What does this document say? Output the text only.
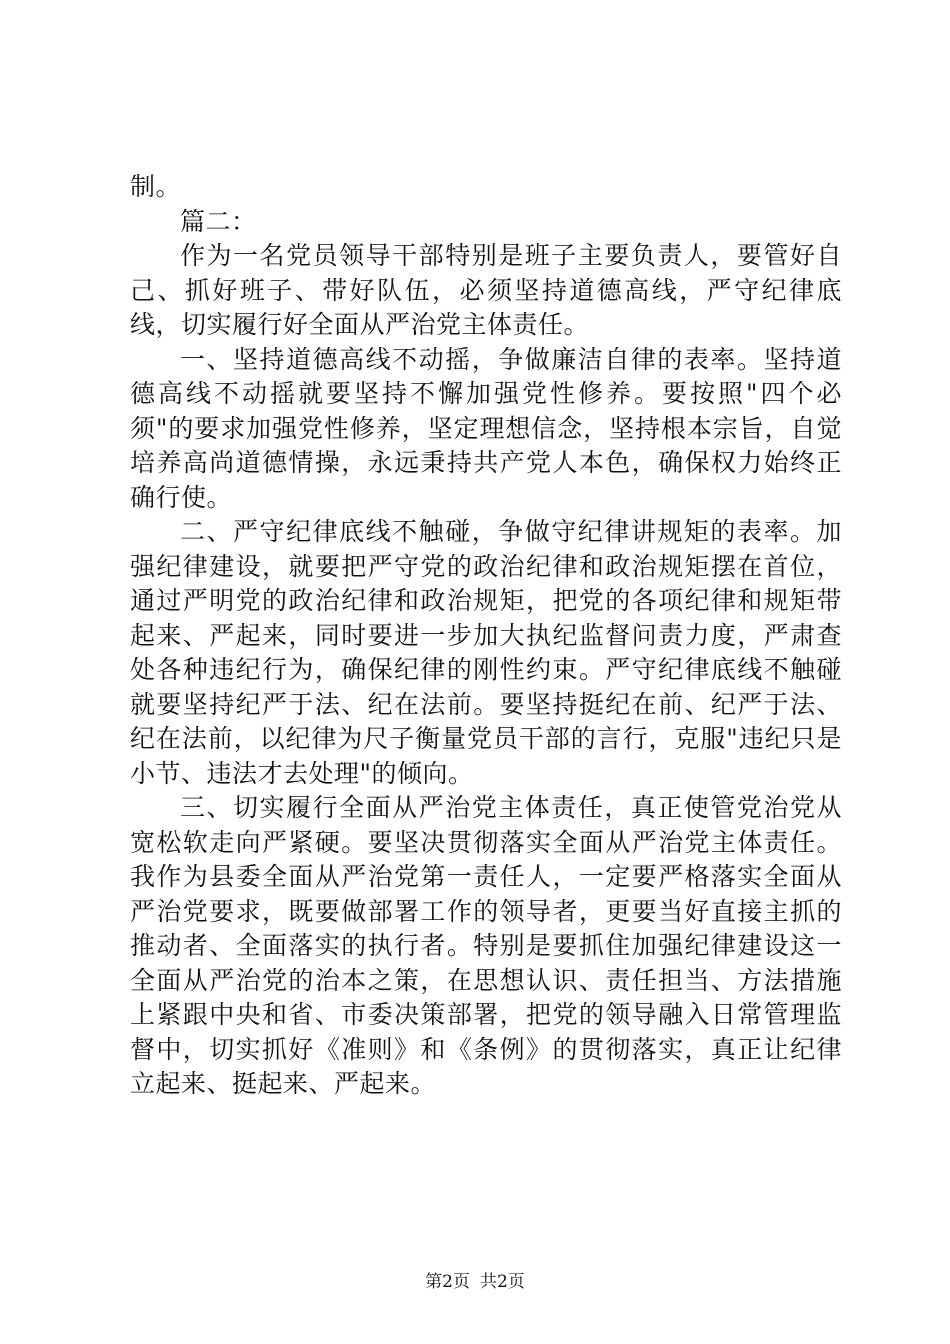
制。

篇二：

作为一名党员领导干部特别是班子主要负责人，要管好自己、抓好班子、带好队伍，必须坚持道德高线，严守纪律底线，切实履行好全面从严治党主体责任。

一、坚持道德高线不动摇，争做廉洁自律的表率。坚持道德高线不动摇就要坚持不懈加强党性修养。要按照"四个必须"的要求加强党性修养，坚定理想信念，坚持根本宗旨，自觉培养高尚道德情操，永远秉持共产党人本色，确保权力始终正确行使。

二、严守纪律底线不触碰，争做守纪律讲规矩的表率。加强纪律建设，就要把严守党的政治纪律和政治规矩摆在首位，通过严明党的政治纪律和政治规矩，把党的各项纪律和规矩带起来、严起来，同时要进一步加大执纪监督问责力度，严肃查处各种违纪行为，确保纪律的刚性约束。严守纪律底线不触碰就要坚持纪严于法、纪在法前。要坚持挺纪在前、纪严于法、纪在法前，以纪律为尺子衡量党员干部的言行，克服"违纪只是小节、违法才去处理"的倾向。

三、切实履行全面从严治党主体责任，真正使管党治党从宽松软走向严紧硬。要坚决贯彻落实全面从严治党主体责任。我作为县委全面从严治党第一责任人，一定要严格落实全面从严治党要求，既要做部署工作的领导者，更要当好直接主抓的推动者、全面落实的执行者。特别是要抓住加强纪律建设这一全面从严治党的治本之策，在思想认识、责任担当、方法措施上紧跟中央和省、市委决策部署，把党的领导融入日常管理监督中，切实抓好《准则》和《条例》的贯彻落实，真正让纪律立起来、挺起来、严起来。

第2页 共2页
